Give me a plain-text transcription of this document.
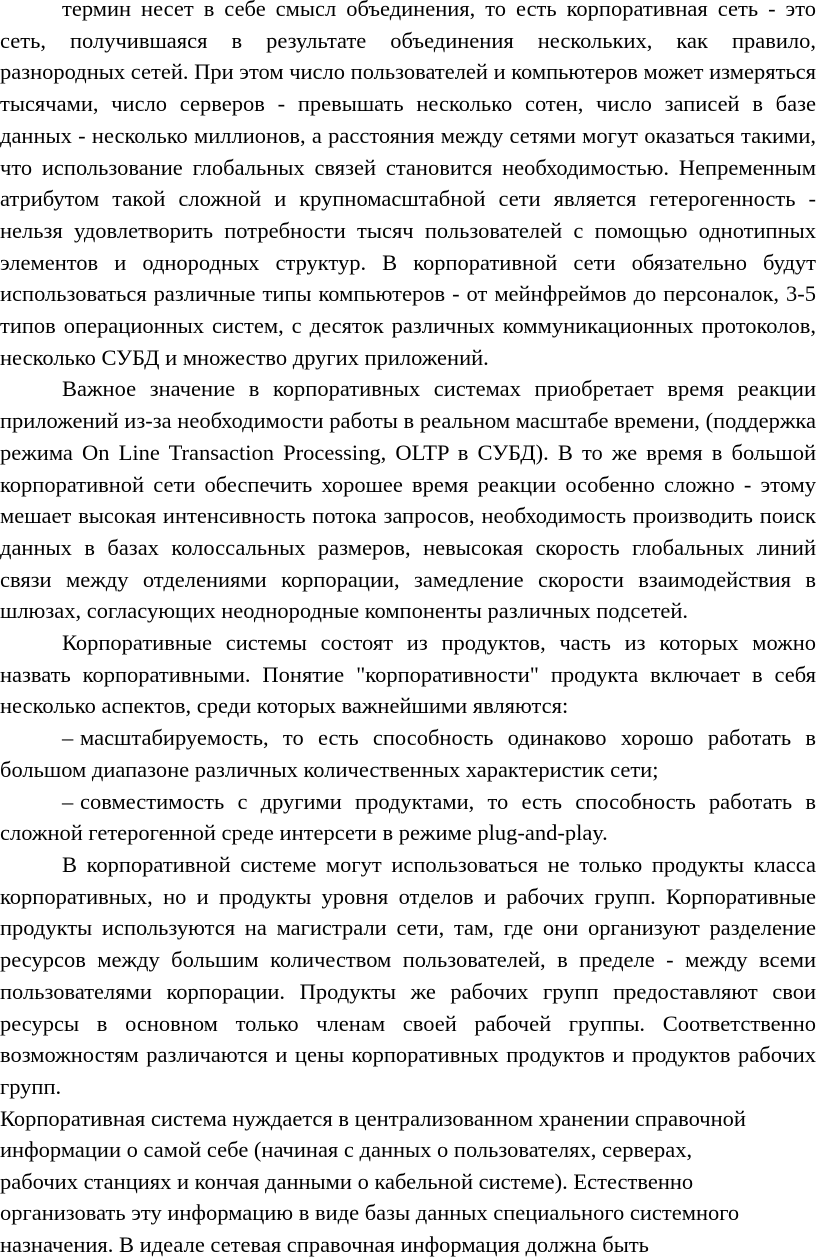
термин несет в себе смысл объединения, то есть корпоративная сеть - это сеть, получившаяся в результате объединения нескольких, как правило, разнородных сетей. При этом число пользователей и компьютеров может измеряться тысячами, число серверов - превышать несколько сотен, число записей в базе данных - несколько миллионов, а расстояния между сетями могут оказаться такими, что использование глобальных связей становится необходимостью. Непременным атрибутом такой сложной и крупномасштабной сети является гетерогенность - нельзя удовлетворить потребности тысяч пользователей с помощью однотипных элементов и однородных структур. В корпоративной сети обязательно будут использоваться различные типы компьютеров - от мейнфреймов до персоналок, 3-5 типов операционных систем, с десяток различных коммуникационных протоколов, несколько СУБД и множество других приложений.

Важное значение в корпоративных системах приобретает время реакции приложений из-за необходимости работы в реальном масштабе времени, (поддержка режима On Line Transaction Processing, OLTP в СУБД). В то же время в большой корпоративной сети обеспечить хорошее время реакции особенно сложно - этому мешает высокая интенсивность потока запросов, необходимость производить поиск данных в базах колоссальных размеров, невысокая скорость глобальных линий связи между отделениями корпорации, замедление скорости взаимодействия в шлюзах, согласующих неоднородные компоненты различных подсетей.

Корпоративные системы состоят из продуктов, часть из которых можно назвать корпоративными. Понятие "корпоративности" продукта включает в себя несколько аспектов, среди которых важнейшими являются:

– масштабируемость, то есть способность одинаково хорошо работать в большом диапазоне различных количественных характеристик сети;

– совместимость с другими продуктами, то есть способность работать в сложной гетерогенной среде интерсети в режиме plug-and-play.

В корпоративной системе могут использоваться не только продукты класса корпоративных, но и продукты уровня отделов и рабочих групп. Корпоративные продукты используются на магистрали сети, там, где они организуют разделение ресурсов между большим количеством пользователей, в пределе - между всеми пользователями корпорации. Продукты же рабочих групп предоставляют свои ресурсы в основном только членам своей рабочей группы. Соответственно возможностям различаются и цены корпоративных продуктов и продуктов рабочих групп.

Корпоративная система нуждается в централизованном хранении справочной
информации о самой себе (начиная с данных о пользователях, серверах,
рабочих станциях и кончая данными о кабельной системе). Естественно
организовать эту информацию в виде базы данных специального системного
назначения. В идеале сетевая справочная информация должна быть
